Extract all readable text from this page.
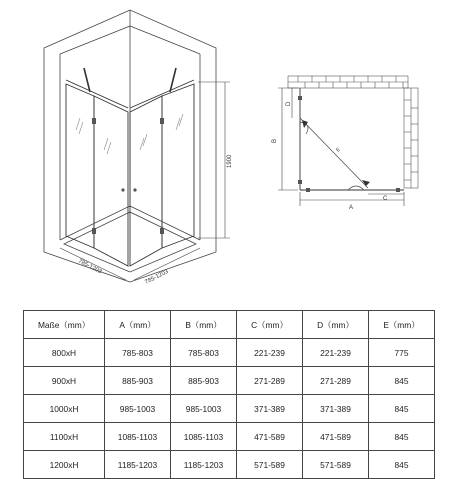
1900
785-1203
785-1203
E
B
D
A
C
Maße（mm）	A（mm）	B（mm）	C（mm）	D（mm）	E（mm）
800xH	785-803	785-803	221-239	221-239	775
900xH	885-903	885-903	271-289	271-289	845
1000xH	985-1003	985-1003	371-389	371-389	845
1100xH	1085-1103	1085-1103	471-589	471-589	845
1200xH	1185-1203	1185-1203	571-589	571-589	845
